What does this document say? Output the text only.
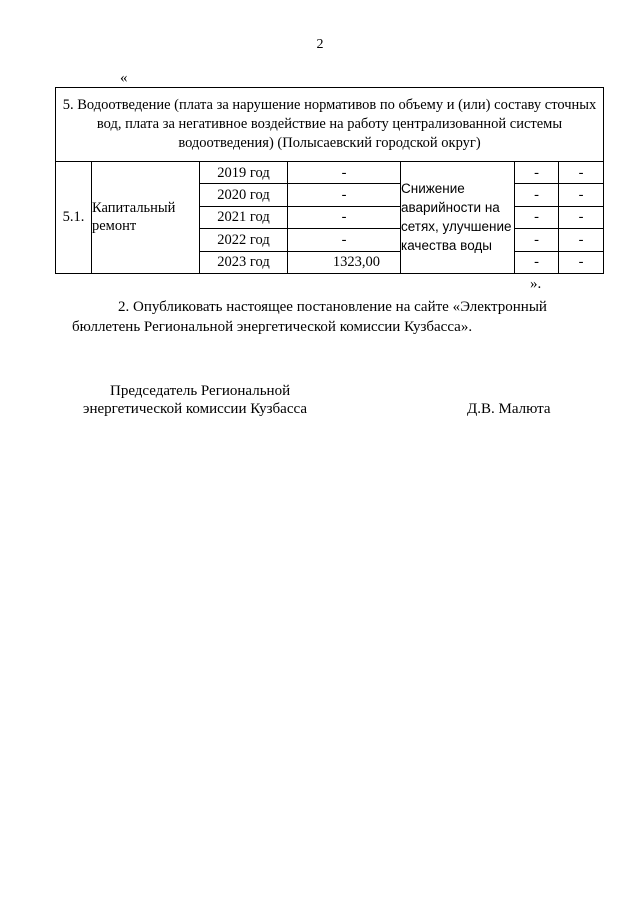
2
«
5. Водоотведение (плата за нарушение нормативов по объему и (или) составу сточных вод, плата за негативное воздействие на работу централизованной системы водоотведения) (Полысаевский городской округ)						
5.1.	Капитальный ремонт	2019 год	-	Снижение аварийности на сетях, улучшение качества воды	-	-
		2020 год	-		-	-
		2021 год	-		-	-
		2022 год	-		-	-
		2023 год	1323,00		-	-
».
2. Опубликовать настоящее постановление на сайте «Электронный бюллетень Региональной энергетической комиссии Кузбасса».
Председатель Региональной
энергетической комиссии Кузбасса	Д.В. Малюта
